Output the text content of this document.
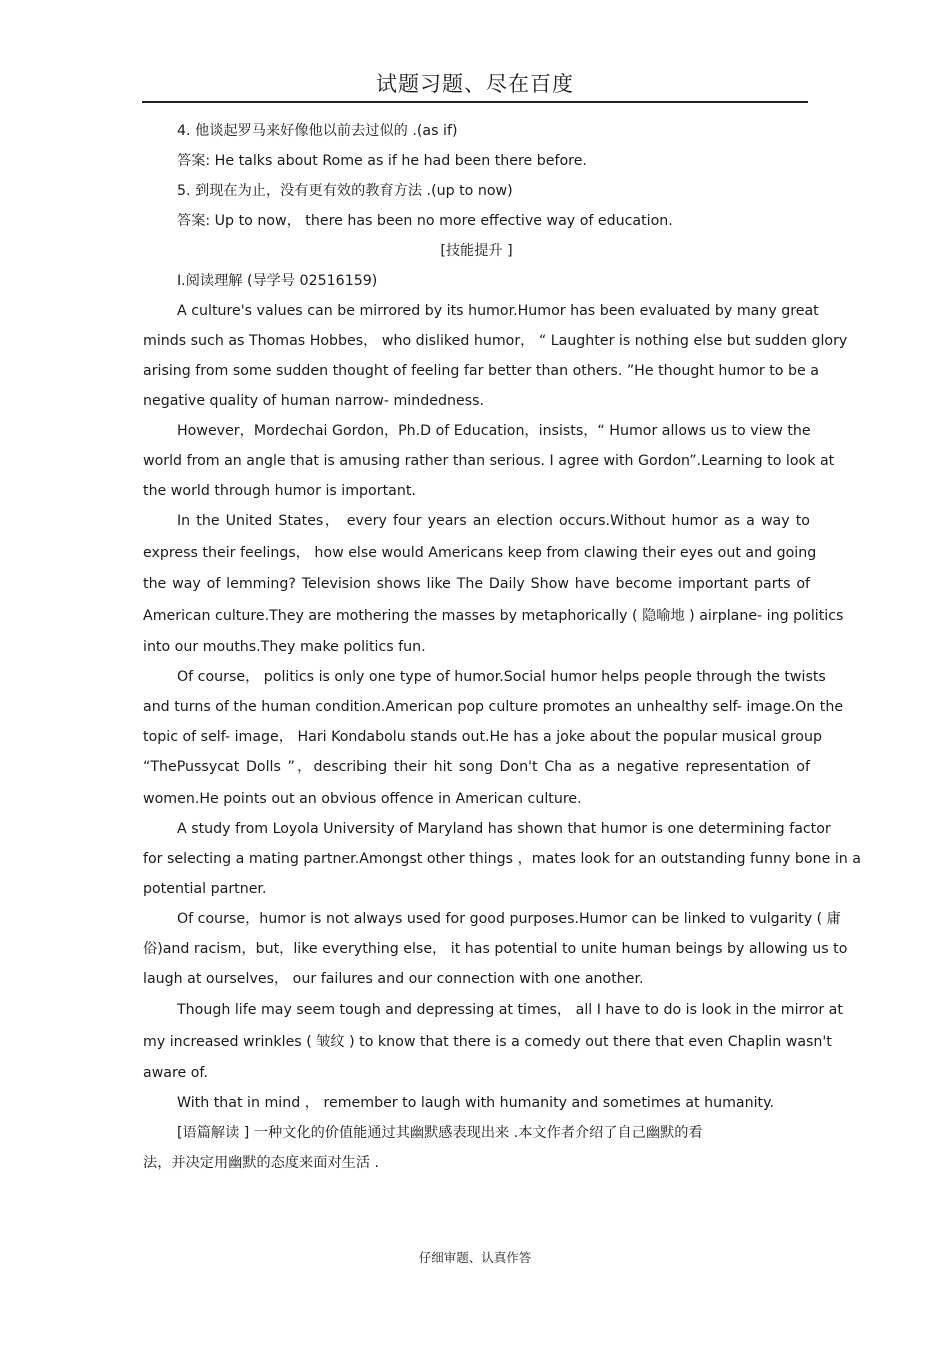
试题习题、尽在百度
4. 他谈起罗马来好像他以前去过似的 .(as if)
答案: He talks about Rome as if he had been there before.
5. 到现在为止，没有更有效的教育方法 .(up to now)
答案: Up to now， there has been no more effective way of education.
[技能提升 ]
Ⅰ.阅读理解 (导学号 02516159)
A culture's values can be mirrored by its humor.Humor has been evaluated by many great
minds such as Thomas Hobbes， who disliked humor， “ Laughter is nothing else but sudden glory
arising from some sudden thought of feeling far better than others. ”He thought humor to be a
negative quality of human narrow- mindedness.
However，Mordechai Gordon，Ph.D of Education，insists，“ Humor allows us to view the
world from an angle that is amusing rather than serious. I agree with Gordon”.Learning to look at
the world through humor is important.
In the United States， every four years an election occurs.Without humor as a way to
express their feelings， how else would Americans keep from clawing their eyes out and going
the way of lemming? Television shows like The Daily Show have become important parts of
American culture.They are mothering the masses by metaphorically ( 隐喻地 ) airplane- ing politics
into our mouths.They make politics fun.
Of course， politics is only one type of humor.Social humor helps people through the twists
and turns of the human condition.American pop culture promotes an unhealthy self- image.On the
topic of self- image， Hari Kondabolu stands out.He has a joke about the popular musical group
“ThePussycat Dolls ”，describing their hit song Don't Cha as a negative representation of
women.He points out an obvious offence in American culture.
A study from Loyola University of Maryland has shown that humor is one determining factor
for selecting a mating partner.Amongst other things ，mates look for an outstanding funny bone in a
potential partner.
Of course，humor is not always used for good purposes.Humor can be linked to vulgarity ( 庸
俗)and racism，but，like everything else， it has potential to unite human beings by allowing us to
laugh at ourselves， our failures and our connection with one another.
Though life may seem tough and depressing at times， all I have to do is look in the mirror at
my increased wrinkles ( 皱纹 ) to know that there is a comedy out there that even Chaplin wasn't
aware of.
With that in mind ， remember to laugh with humanity and sometimes at humanity.
[语篇解读 ] 一种文化的价值能通过其幽默感表现出来 .本文作者介绍了自己幽默的看
法，并决定用幽默的态度来面对生活 .
仔细审题、认真作答
